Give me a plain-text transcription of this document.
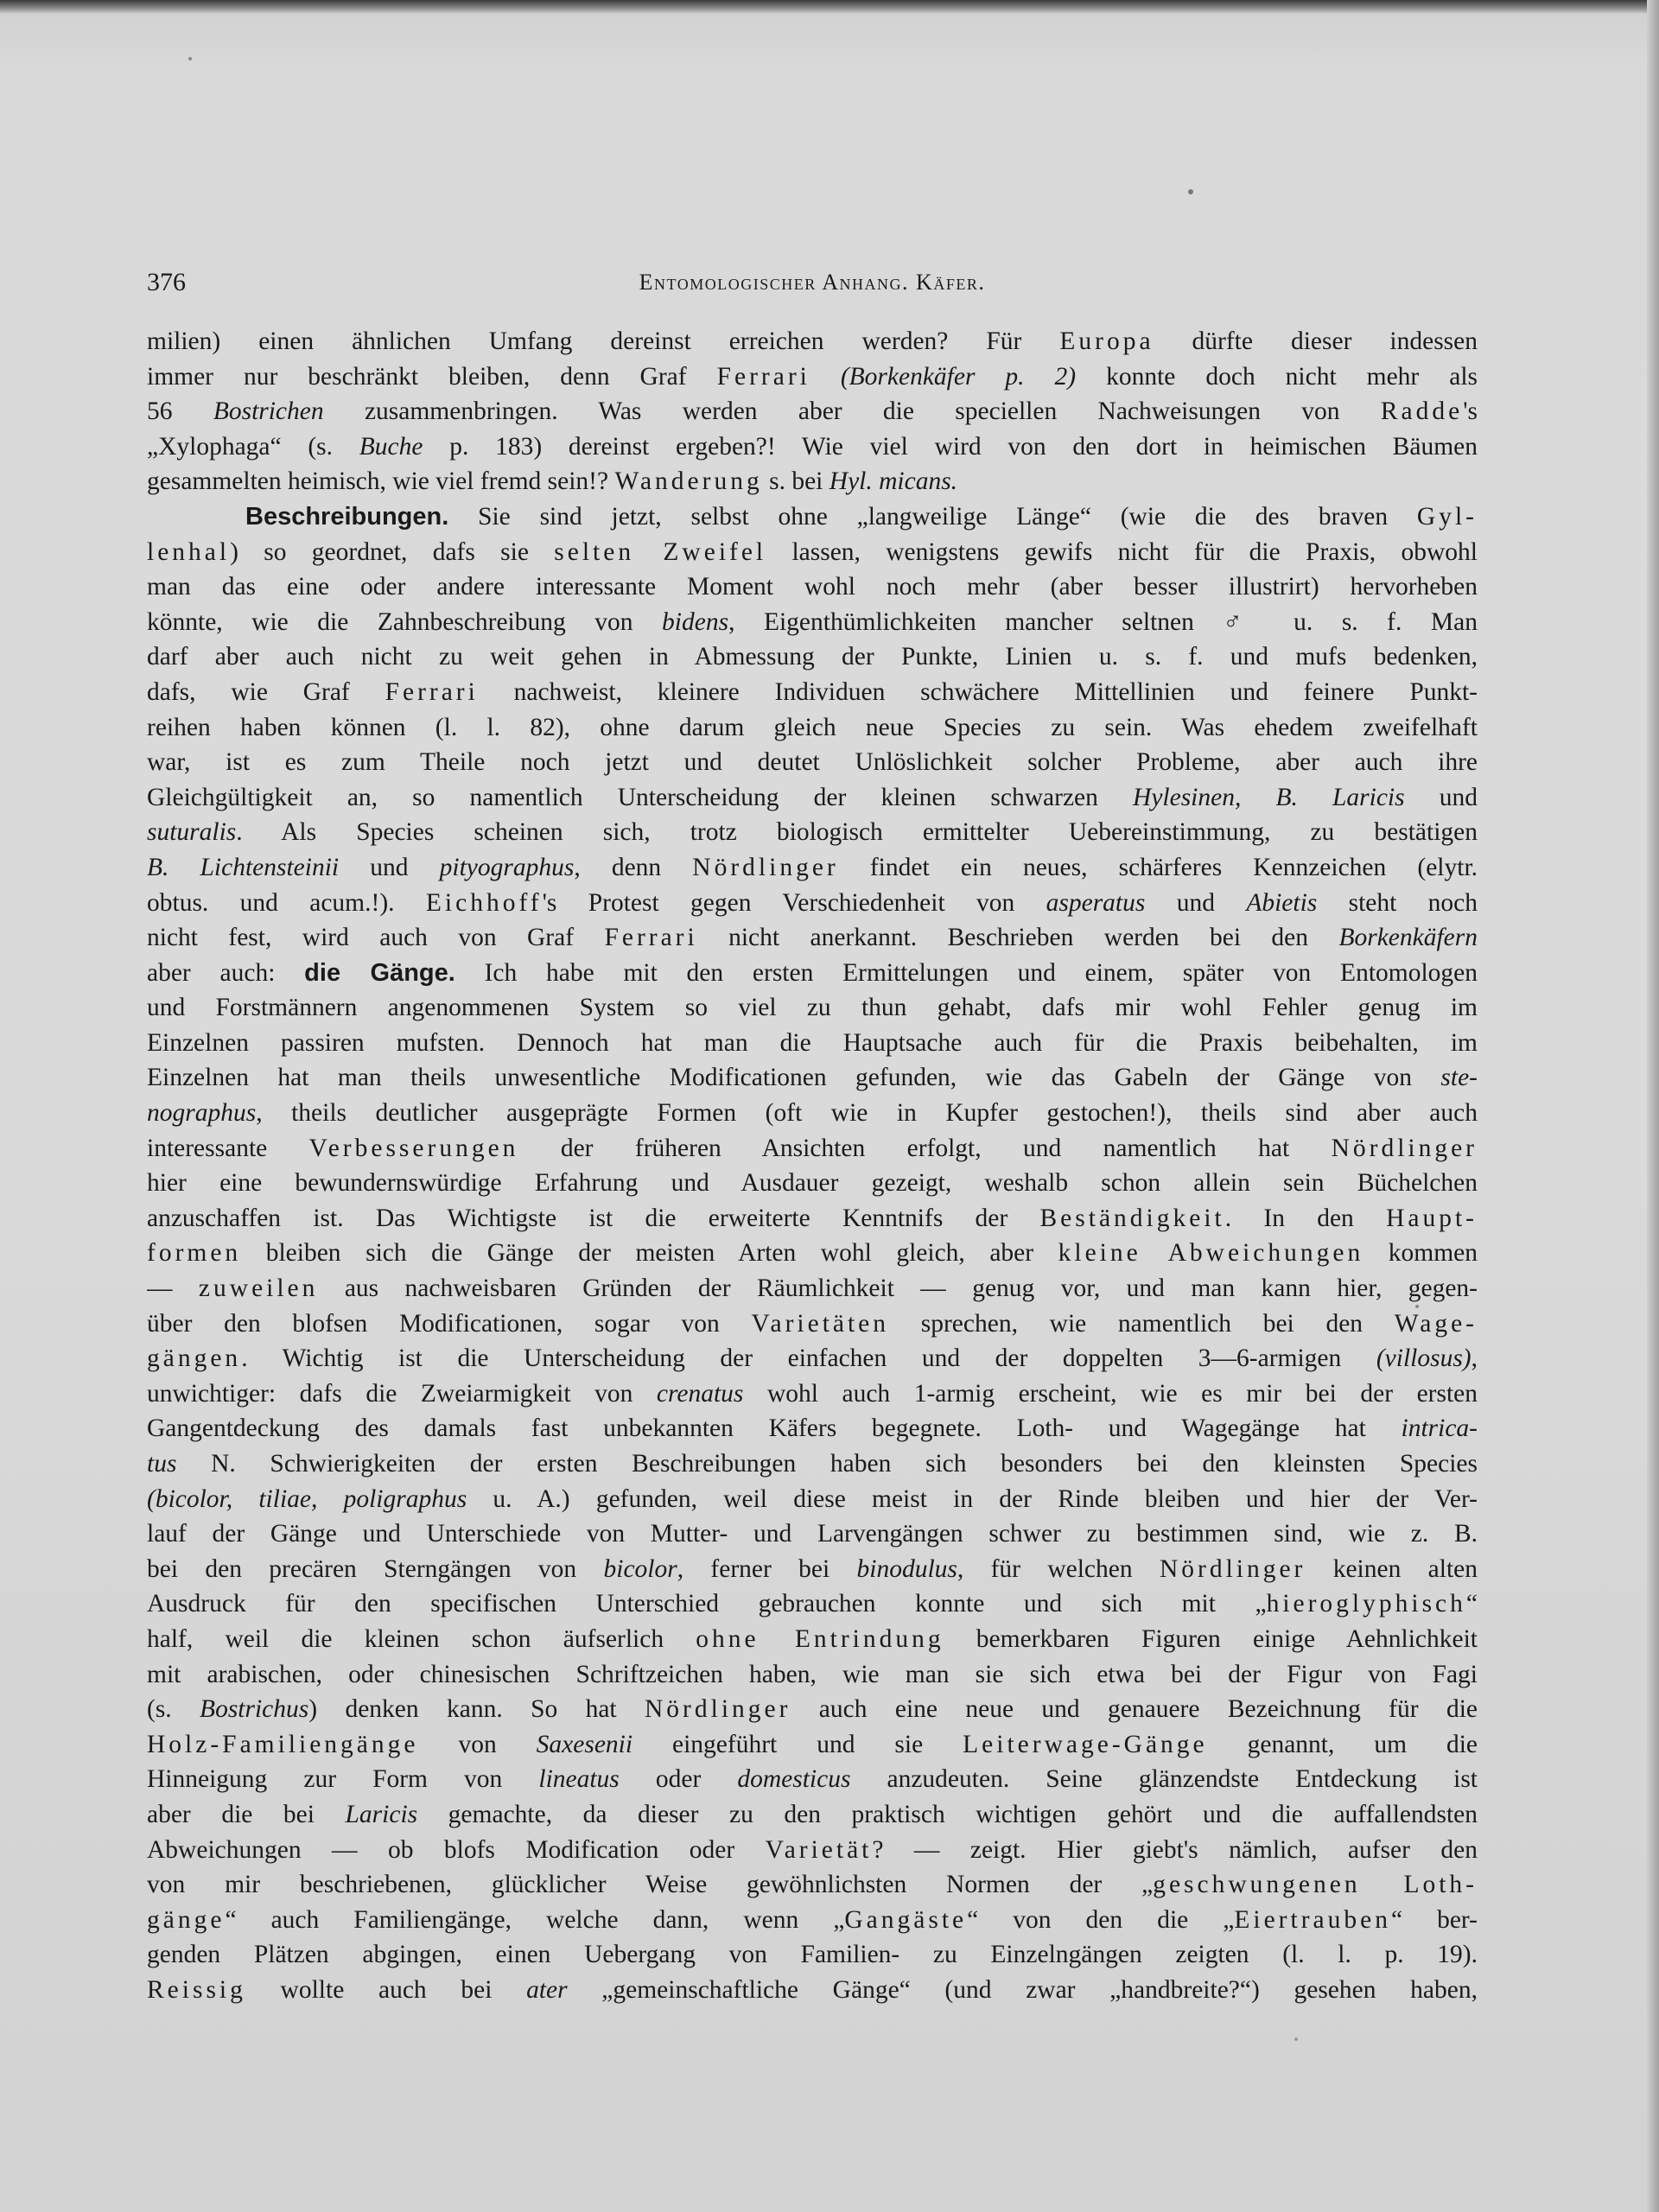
376	Entomologischer Anhang. Käfer.
milien) einen ähnlichen Umfang dereinst erreichen werden? Für Europa dürfte dieser indessen
immer nur beschränkt bleiben, denn Graf Ferrari (Borkenkäfer p. 2) konnte doch nicht mehr als
56 Bostrichen zusammenbringen. Was werden aber die speciellen Nachweisungen von Radde's
„Xylophaga“ (s. Buche p. 183) dereinst ergeben?! Wie viel wird von den dort in heimischen Bäumen
gesammelten heimisch, wie viel fremd sein!? Wanderung s. bei Hyl. micans.
Beschreibungen. Sie sind jetzt, selbst ohne „langweilige Länge“ (wie die des braven Gyl-
lenhal) so geordnet, dafs sie selten Zweifel lassen, wenigstens gewifs nicht für die Praxis, obwohl
man das eine oder andere interessante Moment wohl noch mehr (aber besser illustrirt) hervorheben
könnte, wie die Zahnbeschreibung von bidens, Eigenthümlichkeiten mancher seltnen ♂ u. s. f. Man
darf aber auch nicht zu weit gehen in Abmessung der Punkte, Linien u. s. f. und mufs bedenken,
dafs, wie Graf Ferrari nachweist, kleinere Individuen schwächere Mittellinien und feinere Punkt-
reihen haben können (l. l. 82), ohne darum gleich neue Species zu sein. Was ehedem zweifelhaft
war, ist es zum Theile noch jetzt und deutet Unlöslichkeit solcher Probleme, aber auch ihre
Gleichgültigkeit an, so namentlich Unterscheidung der kleinen schwarzen Hylesinen, B. Laricis und
suturalis. Als Species scheinen sich, trotz biologisch ermittelter Uebereinstimmung, zu bestätigen
B. Lichtensteinii und pityographus, denn Nördlinger findet ein neues, schärferes Kennzeichen (elytr.
obtus. und acum.!). Eichhoff's Protest gegen Verschiedenheit von asperatus und Abietis steht noch
nicht fest, wird auch von Graf Ferrari nicht anerkannt. Beschrieben werden bei den Borkenkäfern
aber auch: die Gänge. Ich habe mit den ersten Ermittelungen und einem, später von Entomologen
und Forstmännern angenommenen System so viel zu thun gehabt, dafs mir wohl Fehler genug im
Einzelnen passiren mufsten. Dennoch hat man die Hauptsache auch für die Praxis beibehalten, im
Einzelnen hat man theils unwesentliche Modificationen gefunden, wie das Gabeln der Gänge von ste-
nographus, theils deutlicher ausgeprägte Formen (oft wie in Kupfer gestochen!), theils sind aber auch
interessante Verbesserungen der früheren Ansichten erfolgt, und namentlich hat Nördlinger
hier eine bewundernswürdige Erfahrung und Ausdauer gezeigt, weshalb schon allein sein Büchelchen
anzuschaffen ist. Das Wichtigste ist die erweiterte Kenntnifs der Beständigkeit. In den Haupt-
formen bleiben sich die Gänge der meisten Arten wohl gleich, aber kleine Abweichungen kommen
— zuweilen aus nachweisbaren Gründen der Räumlichkeit — genug vor, und man kann hier, gegen-
über den blofsen Modificationen, sogar von Varietäten sprechen, wie namentlich bei den Wage-
gängen. Wichtig ist die Unterscheidung der einfachen und der doppelten 3—6-armigen (villosus),
unwichtiger: dafs die Zweiarmigkeit von crenatus wohl auch 1-armig erscheint, wie es mir bei der ersten
Gangentdeckung des damals fast unbekannten Käfers begegnete. Loth- und Wagegänge hat intrica-
tus N. Schwierigkeiten der ersten Beschreibungen haben sich besonders bei den kleinsten Species
(bicolor, tiliae, poligraphus u. A.) gefunden, weil diese meist in der Rinde bleiben und hier der Ver-
lauf der Gänge und Unterschiede von Mutter- und Larvengängen schwer zu bestimmen sind, wie z. B.
bei den precären Sterngängen von bicolor, ferner bei binodulus, für welchen Nördlinger keinen alten
Ausdruck für den specifischen Unterschied gebrauchen konnte und sich mit „hieroglyphisch“
half, weil die kleinen schon äufserlich ohne Entrindung bemerkbaren Figuren einige Aehnlichkeit
mit arabischen, oder chinesischen Schriftzeichen haben, wie man sie sich etwa bei der Figur von Fagi
(s. Bostrichus) denken kann. So hat Nördlinger auch eine neue und genauere Bezeichnung für die
Holz-Familiengänge von Saxesenii eingeführt und sie Leiterwage-Gänge genannt, um die
Hinneigung zur Form von lineatus oder domesticus anzudeuten. Seine glänzendste Entdeckung ist
aber die bei Laricis gemachte, da dieser zu den praktisch wichtigen gehört und die auffallendsten
Abweichungen — ob blofs Modification oder Varietät? — zeigt. Hier giebt's nämlich, aufser den
von mir beschriebenen, glücklicher Weise gewöhnlichsten Normen der „geschwungenen Loth-
gänge“ auch Familiengänge, welche dann, wenn „Gangäste“ von den die „Eiertrauben“ ber-
genden Plätzen abgingen, einen Uebergang von Familien- zu Einzelngängen zeigten (l. l. p. 19).
Reissig wollte auch bei ater „gemeinschaftliche Gänge“ (und zwar „handbreite?“) gesehen haben,
